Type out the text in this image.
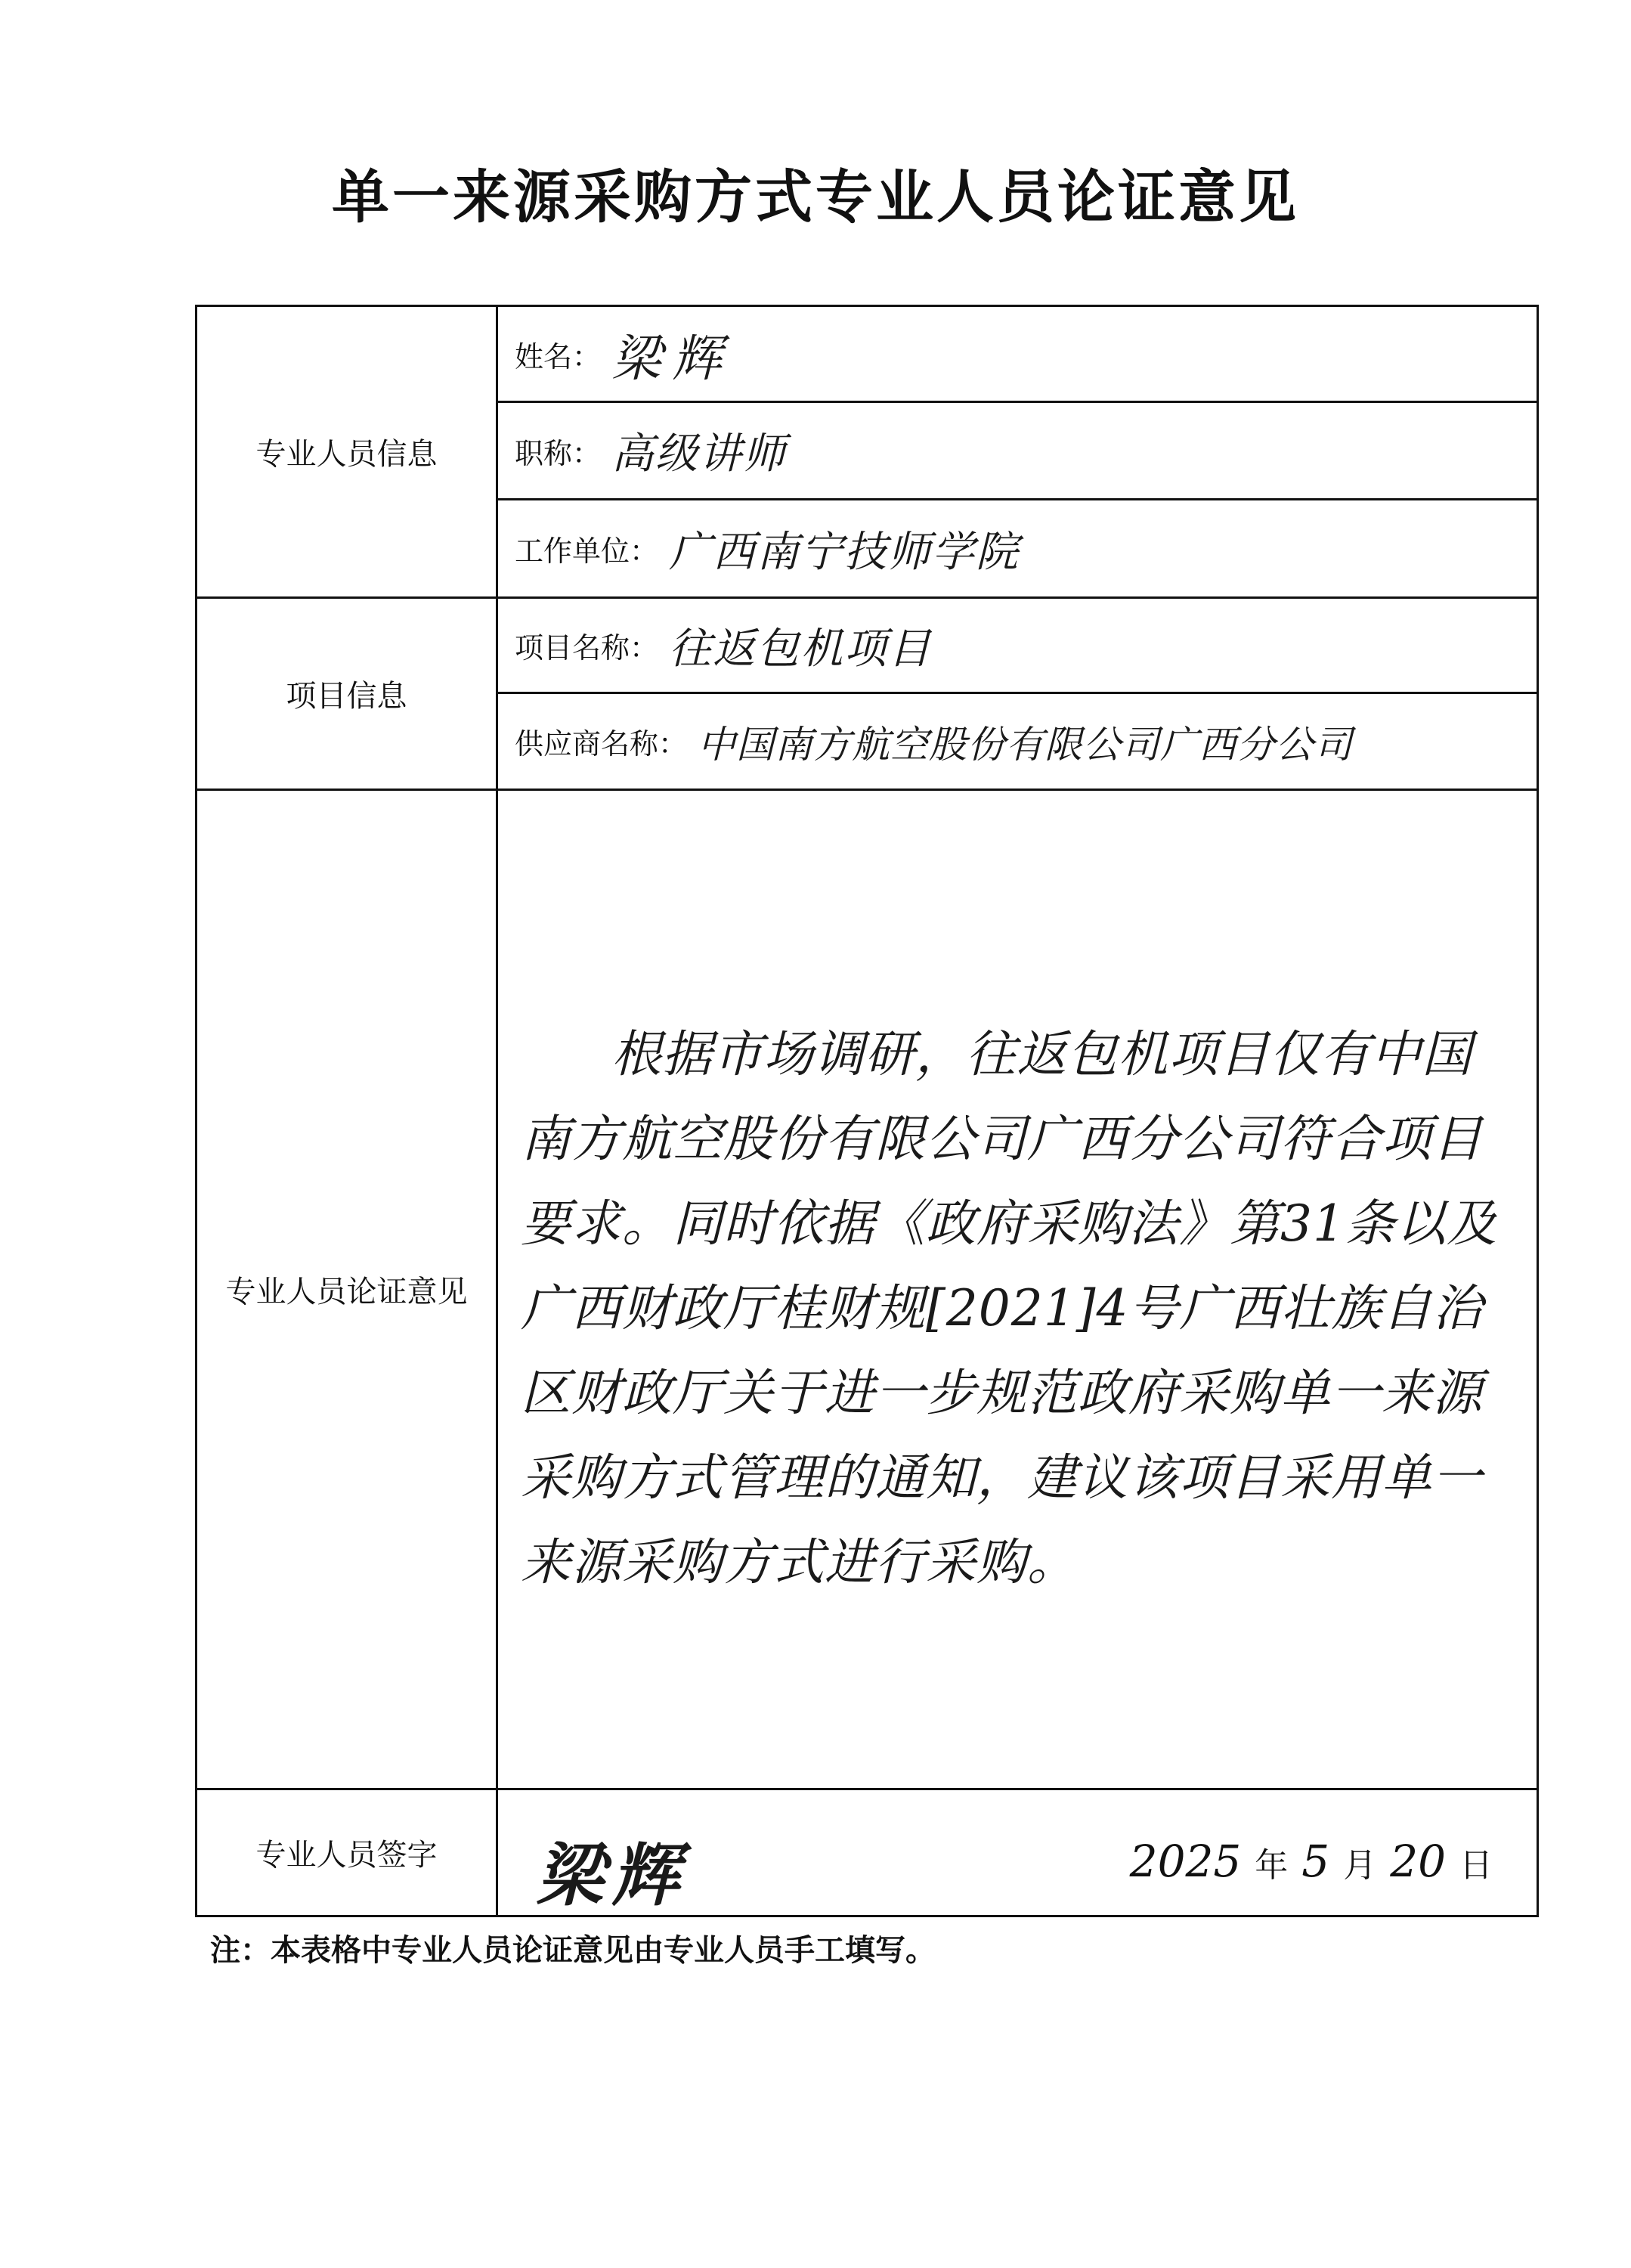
单一来源采购方式专业人员论证意见
专业人员信息	姓名： 梁辉
	职称： 高级讲师
	工作单位： 广西南宁技师学院
项目信息	项目名称： 往返包机项目
	供应商名称： 中国南方航空股份有限公司广西分公司
专业人员论证意见	根据市场调研，往返包机项目仅有中国南方航空股份有限公司广西分公司符合项目要求。同时依据《政府采购法》第31条以及广西财政厅桂财规[2021]4号广西壮族自治区财政厅关于进一步规范政府采购单一来源采购方式管理的通知，建议该项目采用单一来源采购方式进行采购。

专业人员签字	梁辉 2025 年 5 月 20 日
注：本表格中专业人员论证意见由专业人员手工填写。
